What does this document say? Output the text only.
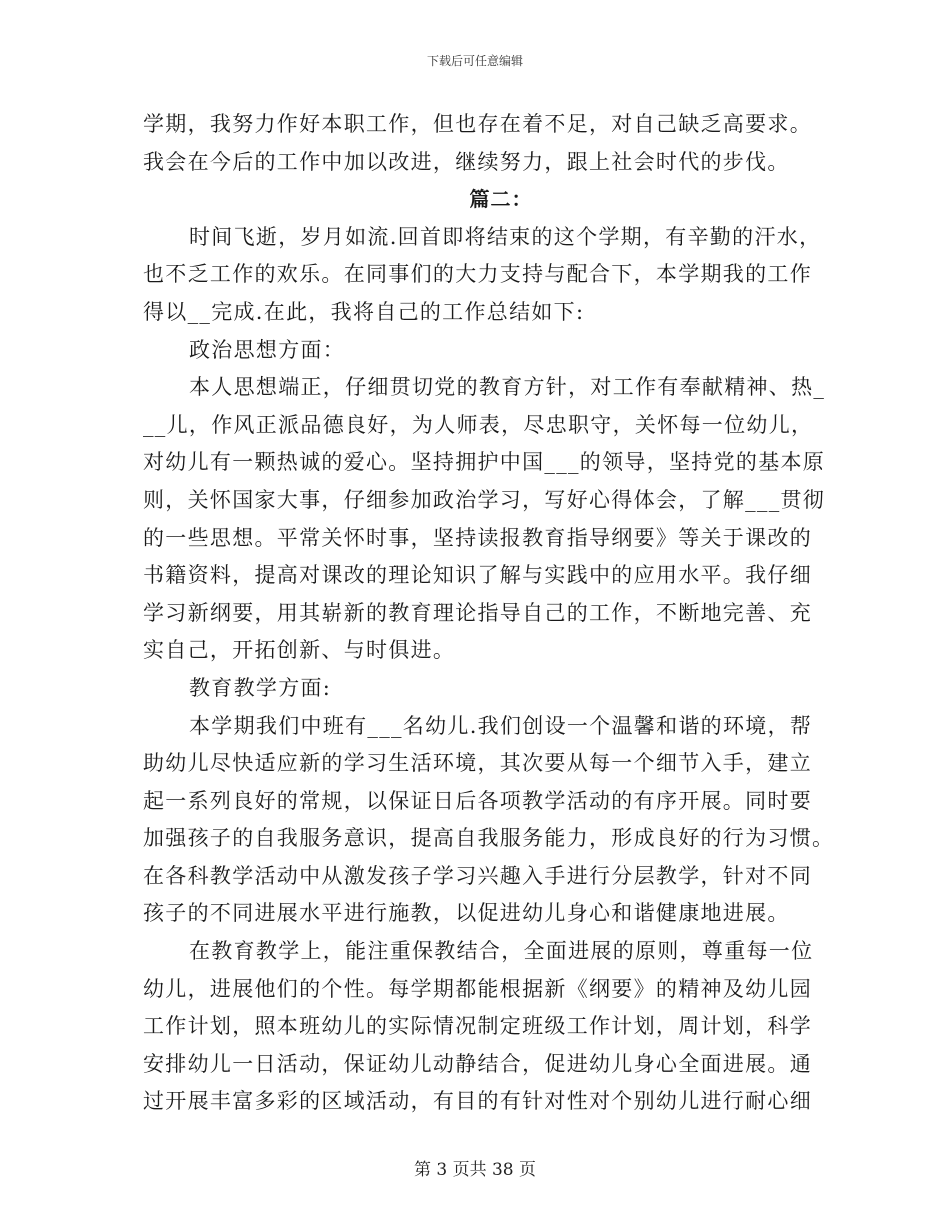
下载后可任意编辑
学期，我努力作好本职工作，但也存在着不足，对自己缺乏高要求。
我会在今后的工作中加以改进，继续努力，跟上社会时代的步伐。
篇二：
时间飞逝，岁月如流.回首即将结束的这个学期，有辛勤的汗水，
也不乏工作的欢乐。在同事们的大力支持与配合下，本学期我的工作
得以__完成.在此，我将自己的工作总结如下:
政治思想方面：
本人思想端正，仔细贯切党的教育方针，对工作有奉献精神、热_
__儿，作风正派品德良好，为人师表，尽忠职守，关怀每一位幼儿，
对幼儿有一颗热诚的爱心。坚持拥护中国___的领导，坚持党的基本原
则，关怀国家大事，仔细参加政治学习，写好心得体会，了解___贯彻
的一些思想。平常关怀时事，坚持读报教育指导纲要》等关于课改的
书籍资料，提高对课改的理论知识了解与实践中的应用水平。我仔细
学习新纲要，用其崭新的教育理论指导自己的工作，不断地完善、充
实自己，开拓创新、与时俱进。
教育教学方面:
本学期我们中班有___名幼儿.我们创设一个温馨和谐的环境，帮
助幼儿尽快适应新的学习生活环境，其次要从每一个细节入手，建立
起一系列良好的常规，以保证日后各项教学活动的有序开展。同时要
加强孩子的自我服务意识，提高自我服务能力，形成良好的行为习惯。
在各科教学活动中从激发孩子学习兴趣入手进行分层教学，针对不同
孩子的不同进展水平进行施教，以促进幼儿身心和谐健康地进展。
在教育教学上，能注重保教结合，全面进展的原则，尊重每一位
幼儿，进展他们的个性。每学期都能根据新《纲要》的精神及幼儿园
工作计划，照本班幼儿的实际情况制定班级工作计划，周计划，科学
安排幼儿一日活动，保证幼儿动静结合，促进幼儿身心全面进展。通
过开展丰富多彩的区域活动，有目的有针对性对个别幼儿进行耐心细
第 3 页共 38 页
